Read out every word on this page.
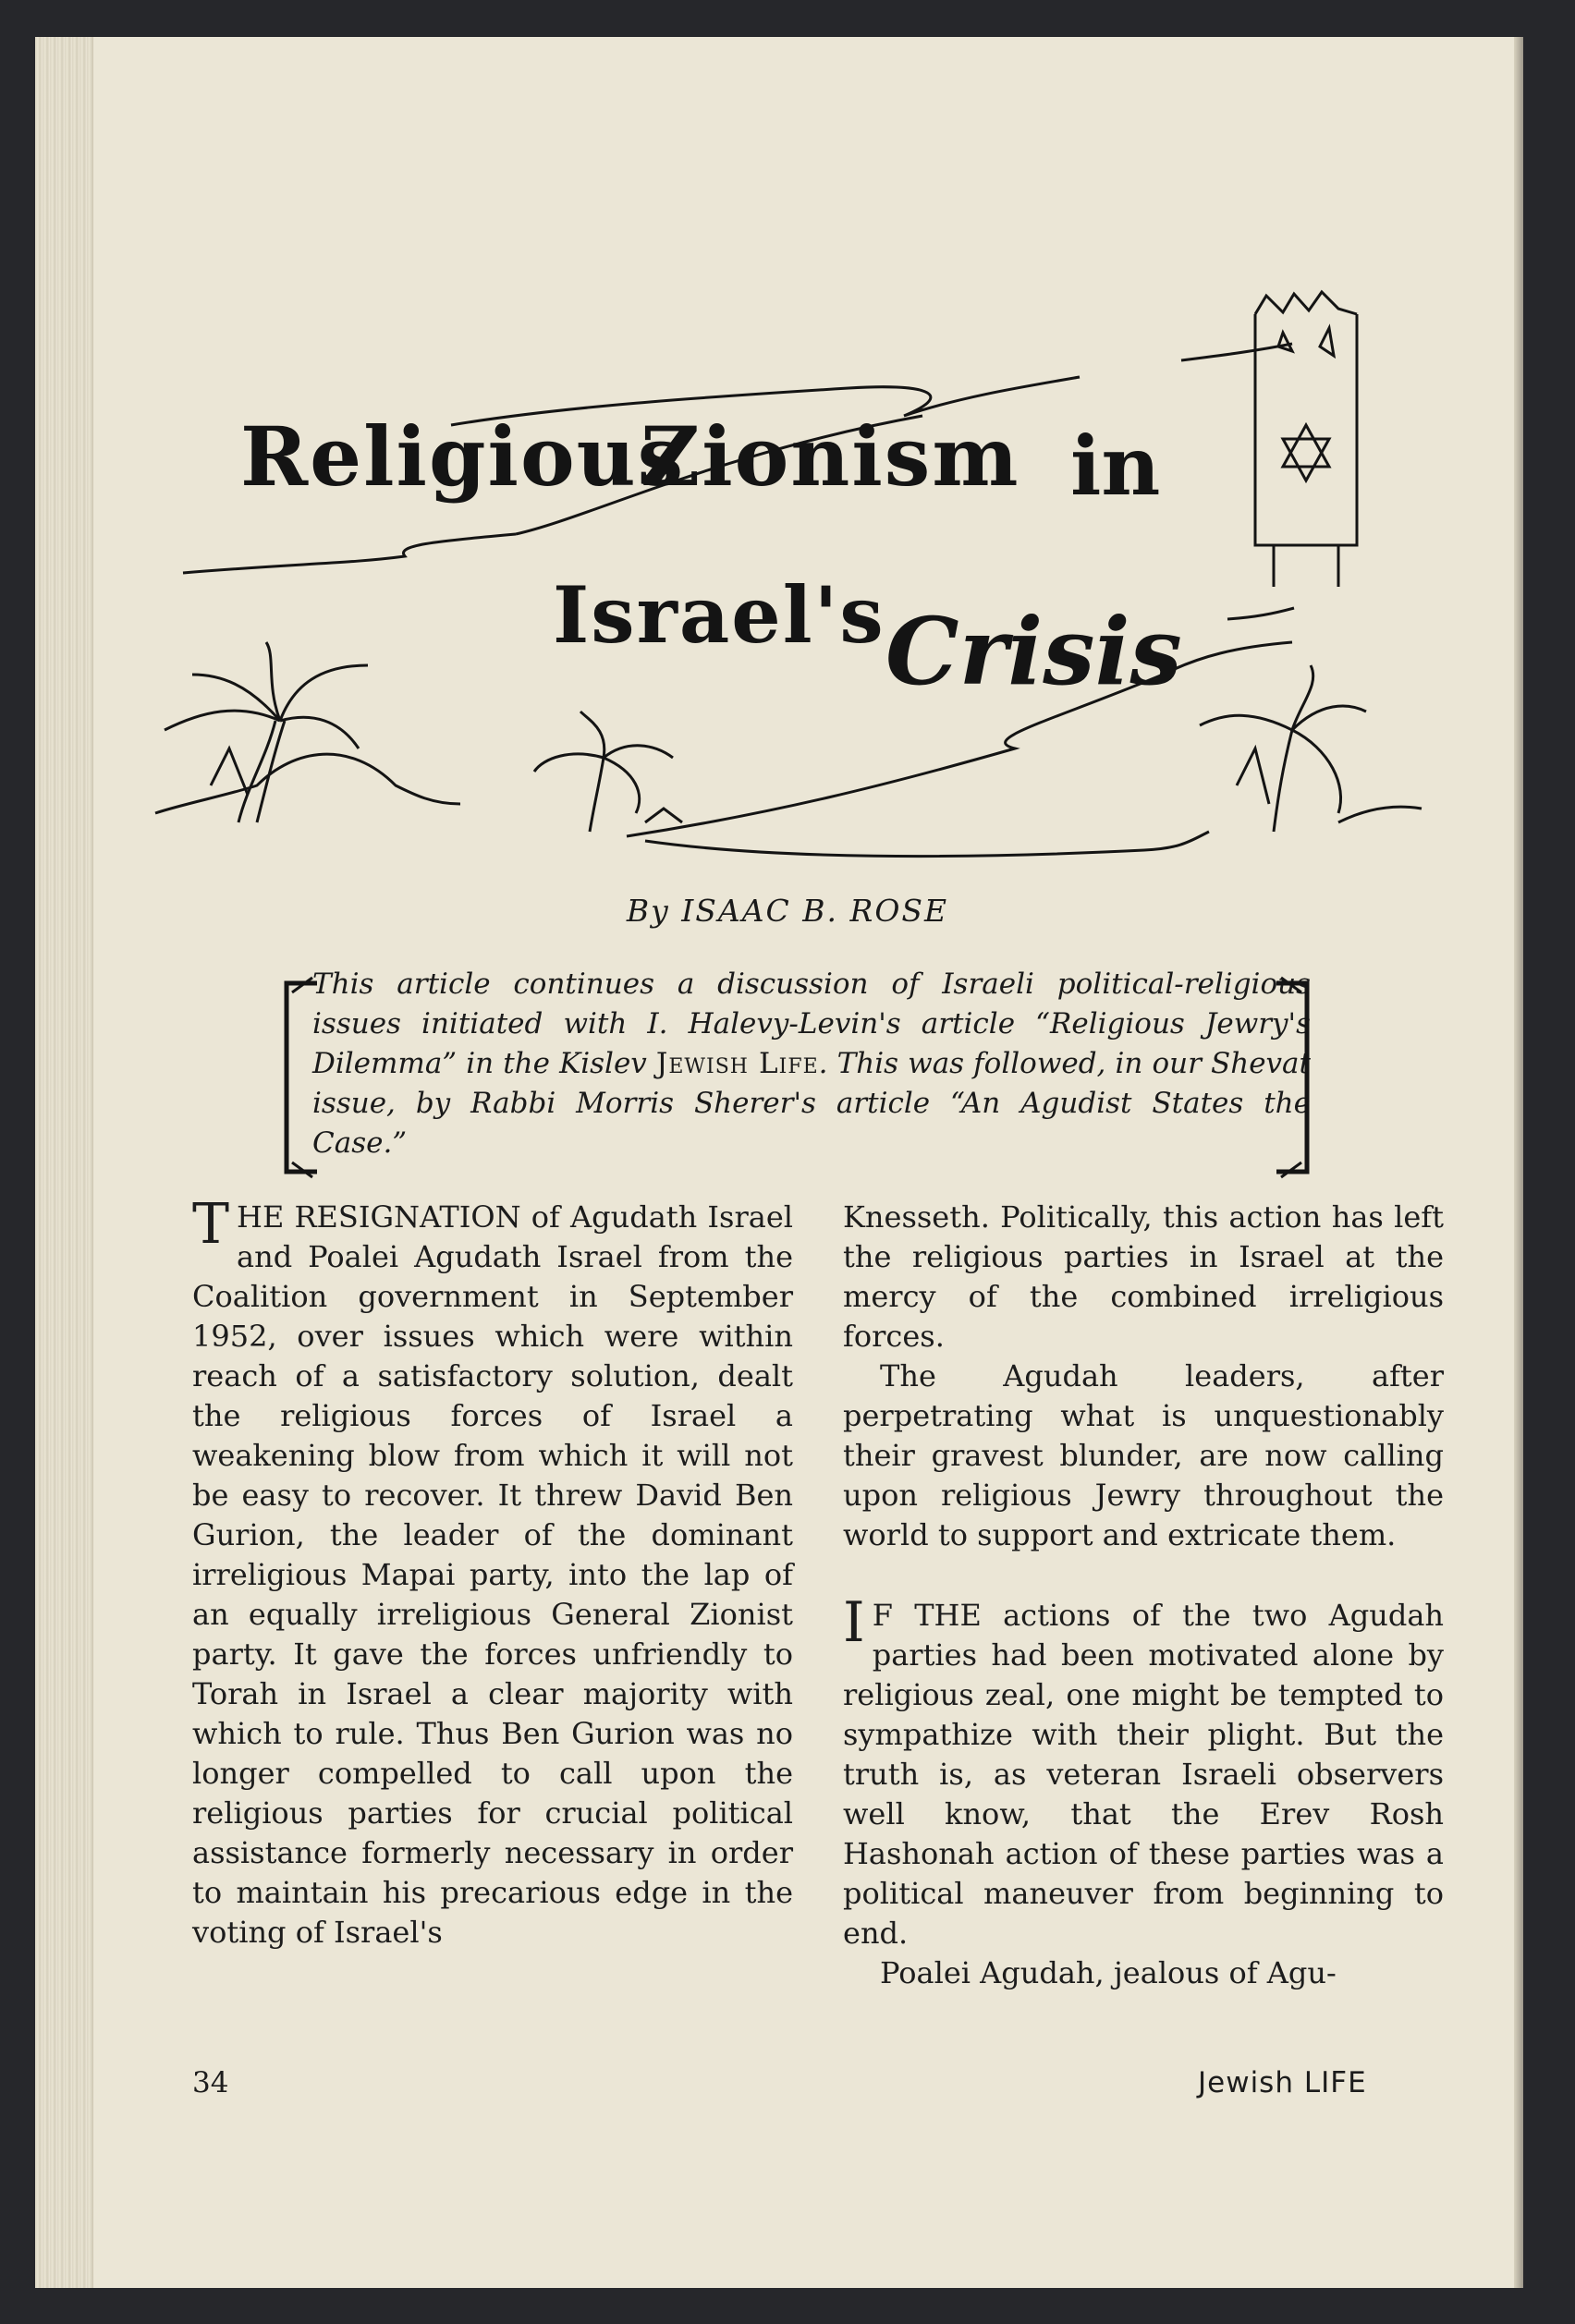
Religious
Zionism in
Israel's Crisis
By ISAAC B. ROSE
This article continues a discussion of Israeli political-religious issues initiated with I. Halevy-Levin's article “Religious Jewry's Dilemma” in the Kislev Jewish Life. This was followed, in our Shevat issue, by Rabbi Morris Sherer's article “An Agudist States the Case.”

THE RESIGNATION of Agudath Israel and Poalei Agudath Israel from the Coalition government in September 1952, over issues which were within reach of a satisfactory solution, dealt the religious forces of Israel a weakening blow from which it will not be easy to recover. It threw David Ben Gurion, the leader of the dominant irreligious Mapai party, into the lap of an equally irreligious General Zionist party. It gave the forces unfriendly to Torah in Israel a clear majority with which to rule. Thus Ben Gurion was no longer compelled to call upon the religious parties for crucial political assistance formerly necessary in order to maintain his precarious edge in the voting of Israel's

Knesseth. Politically, this action has left the religious parties in Israel at the mercy of the combined irreligious forces.

The Agudah leaders, after perpetrating what is unquestionably their gravest blunder, are now calling upon religious Jewry throughout the world to support and extricate them.

I F THE actions of the two Agudah parties had been motivated alone by religious zeal, one might be tempted to sympathize with their plight. But the truth is, as veteran Israeli observers well know, that the Erev Rosh Hashonah action of these parties was a political maneuver from beginning to end.

Poalei Agudah, jealous of Agu-

34	Jewish LIFE
